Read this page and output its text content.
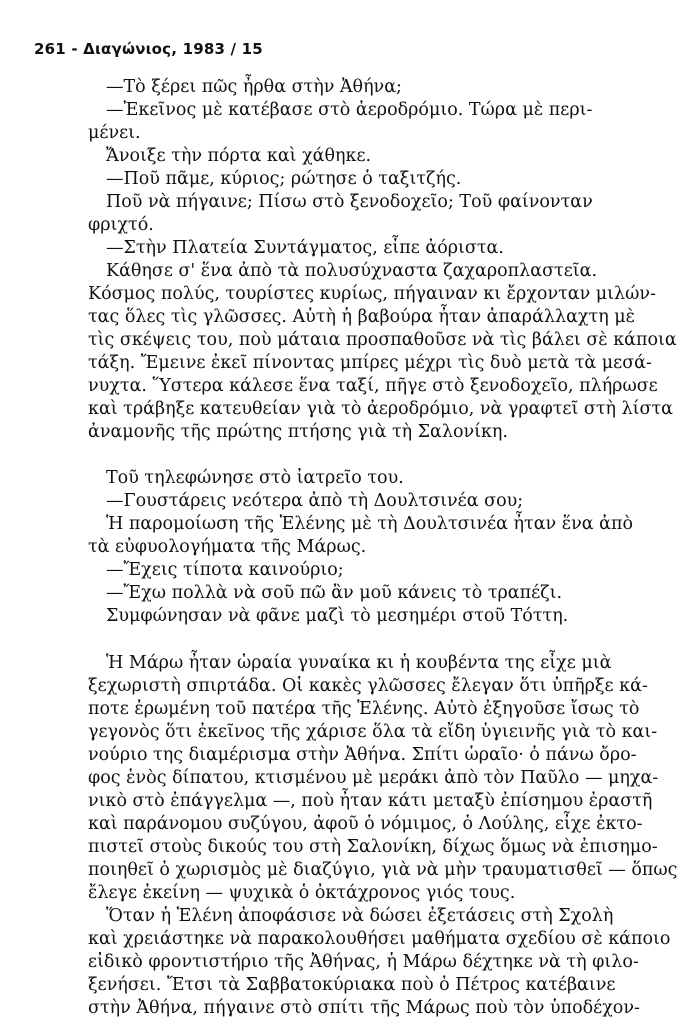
261 - Διαγώνιος, 1983 / 15
—Τὸ ξέρει πῶς ἦρθα στὴν Ἀθήνα;
—Ἐκεῖνος μὲ κατέβασε στὸ ἀεροδρόμιο. Τώρα μὲ περι-
μένει.
Ἄνοιξε τὴν πόρτα καὶ χάθηκε.
—Ποῦ πᾶμε, κύριος; ρώτησε ὁ ταξιτζής.
Ποῦ νὰ πήγαινε; Πίσω στὸ ξενοδοχεῖο; Τοῦ φαίνονταν
φριχτό.
—Στὴν Πλατεία Συντάγματος, εἶπε ἀόριστα.
Κάθησε σ' ἕνα ἀπὸ τὰ πολυσύχναστα ζαχαροπλαστεῖα.
Κόσμος πολύς, τουρίστες κυρίως, πήγαιναν κι ἔρχονταν μιλών-
τας ὅλες τὶς γλῶσσες. Αὐτὴ ἡ βαβούρα ἦταν ἀπαράλλαχτη μὲ
τὶς σκέψεις του, ποὺ μάταια προσπαθοῦσε νὰ τὶς βάλει σὲ κάποια
τάξη. Ἔμεινε ἐκεῖ πίνοντας μπίρες μέχρι τὶς δυὸ μετὰ τὰ μεσά-
νυχτα. Ὕστερα κάλεσε ἕνα ταξί, πῆγε στὸ ξενοδοχεῖο, πλήρωσε
καὶ τράβηξε κατευθείαν γιὰ τὸ ἀεροδρόμιο, νὰ γραφτεῖ στὴ λίστα
ἀναμονῆς τῆς πρώτης πτήσης γιὰ τὴ Σαλονίκη.
Τοῦ τηλεφώνησε στὸ ἰατρεῖο του.
—Γουστάρεις νεότερα ἀπὸ τὴ Δουλτσινέα σου;
Ἡ παρομοίωση τῆς Ἑλένης μὲ τὴ Δουλτσινέα ἦταν ἕνα ἀπὸ
τὰ εὐφυολογήματα τῆς Μάρως.
—Ἔχεις τίποτα καινούριο;
—Ἔχω πολλὰ νὰ σοῦ πῶ ἂν μοῦ κάνεις τὸ τραπέζι.
Συμφώνησαν νὰ φᾶνε μαζὶ τὸ μεσημέρι στοῦ Τόττη.
Ἡ Μάρω ἦταν ὡραία γυναίκα κι ἡ κουβέντα της εἶχε μιὰ
ξεχωριστὴ σπιρτάδα. Οἱ κακὲς γλῶσσες ἔλεγαν ὅτι ὑπῆρξε κά-
ποτε ἐρωμένη τοῦ πατέρα τῆς Ἑλένης. Αὐτὸ ἐξηγοῦσε ἴσως τὸ
γεγονὸς ὅτι ἐκεῖνος τῆς χάρισε ὅλα τὰ εἴδη ὑγιεινῆς γιὰ τὸ και-
νούριο της διαμέρισμα στὴν Ἀθήνα. Σπίτι ὡραῖο· ὁ πάνω ὄρο-
φος ἑνὸς δίπατου, κτισμένου μὲ μεράκι ἀπὸ τὸν Παῦλο — μηχα-
νικὸ στὸ ἐπάγγελμα —, ποὺ ἦταν κάτι μεταξὺ ἐπίσημου ἐραστῆ
καὶ παράνομου συζύγου, ἀφοῦ ὁ νόμιμος, ὁ Λούλης, εἶχε ἐκτο-
πιστεῖ στοὺς δικούς του στὴ Σαλονίκη, δίχως ὅμως νὰ ἐπισημο-
ποιηθεῖ ὁ χωρισμὸς μὲ διαζύγιο, γιὰ νὰ μὴν τραυματισθεῖ — ὅπως
ἔλεγε ἐκείνη — ψυχικὰ ὁ ὀκτάχρονος γιός τους.
Ὅταν ἡ Ἑλένη ἀποφάσισε νὰ δώσει ἐξετάσεις στὴ Σχολὴ
καὶ χρειάστηκε νὰ παρακολουθήσει μαθήματα σχεδίου σὲ κάποιο
εἰδικὸ φροντιστήριο τῆς Ἀθήνας, ἡ Μάρω δέχτηκε νὰ τὴ φιλο-
ξενήσει. Ἔτσι τὰ Σαββατοκύριακα ποὺ ὁ Πέτρος κατέβαινε
στὴν Ἀθήνα, πήγαινε στὸ σπίτι τῆς Μάρως ποὺ τὸν ὑποδέχον-
